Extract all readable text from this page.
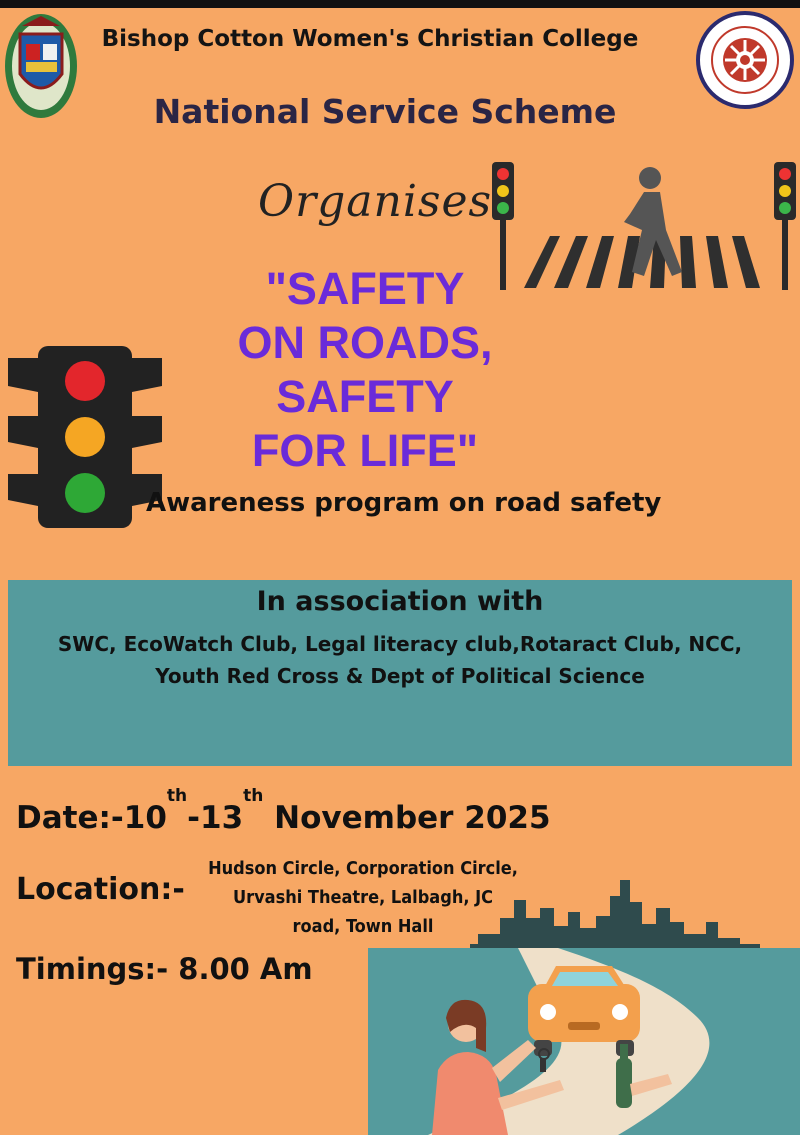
Bishop Cotton Women's Christian College
National Service Scheme
Organises
"SAFETY
ON ROADS,
SAFETY
FOR LIFE"
Awareness program on road safety
In association with
SWC, EcoWatch Club, Legal literacy club,Rotaract Club, NCC,
Youth Red Cross & Dept of Political Science
Date:-10th-13th November 2025
Location:-
Hudson Circle, Corporation Circle,
Urvashi Theatre, Lalbagh, JC
road, Town Hall
Timings:- 8.00 Am
